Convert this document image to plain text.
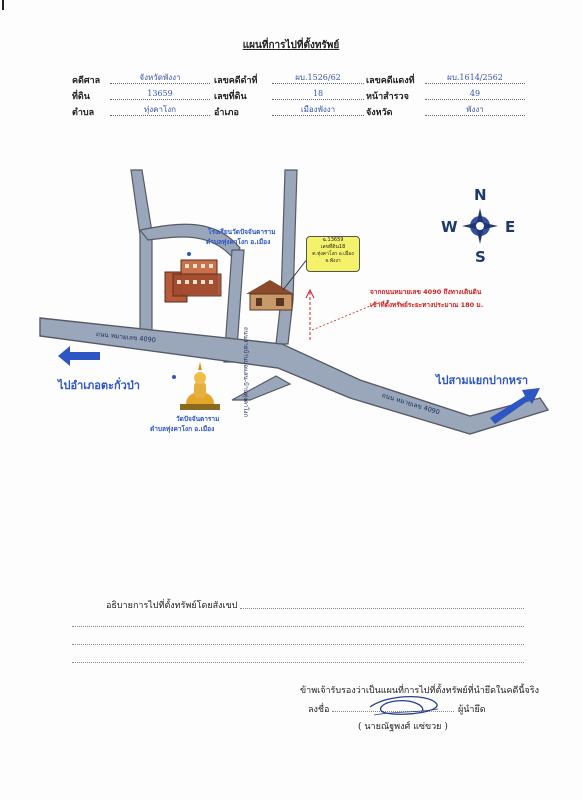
แผนที่การไปที่ตั้งทรัพย์
คดีศาล	จังหวัดพังงา	เลขคดีดำที่	ผบ.1526/62	เลขคดีแดงที่	ผบ.1614/2562
ที่ดิน	13659	เลขที่ดิน	18	หน้าสำรวจ	49
ตำบล	ทุ่งคาโงก	อำเภอ	เมืองพังงา	จังหวัด	พังงา
N
S
E
W
โรงเรียนวัดปัจจันตาราม
ตำบลทุ่งคาโงก อ.เมือง
วัดปัจจันตาราม
ตำบลทุ่งคาโงก อ.เมือง
ถนน หมายเลข 4090
ถนน หมายเลข 4090
ถนนสายบ้านบ่อแสน-บ้านทุ่งคาโงก
ไปอำเภอตะกั่วป่า	ไปสามแยกปากหรา
จากถนนหมายเลข 4090 ถึงทางเดินดิน
เข้าที่ตั้งทรัพย์ระยะทางประมาณ 180 ม.
ฉ.13659
เลขที่ดิน18
ต.ทุ่งคาโงก อ.เมือง
จ.พังงา
อธิบายการไปที่ตั้งทรัพย์โดยสังเขป
ข้าพเจ้ารับรองว่าเป็นแผนที่การไปที่ตั้งทรัพย์ที่นำยึดในคดีนี้จริง
ลงชื่อ	ผู้นำยึด
( นายณัฐพงศ์ แซ่ขวย )
